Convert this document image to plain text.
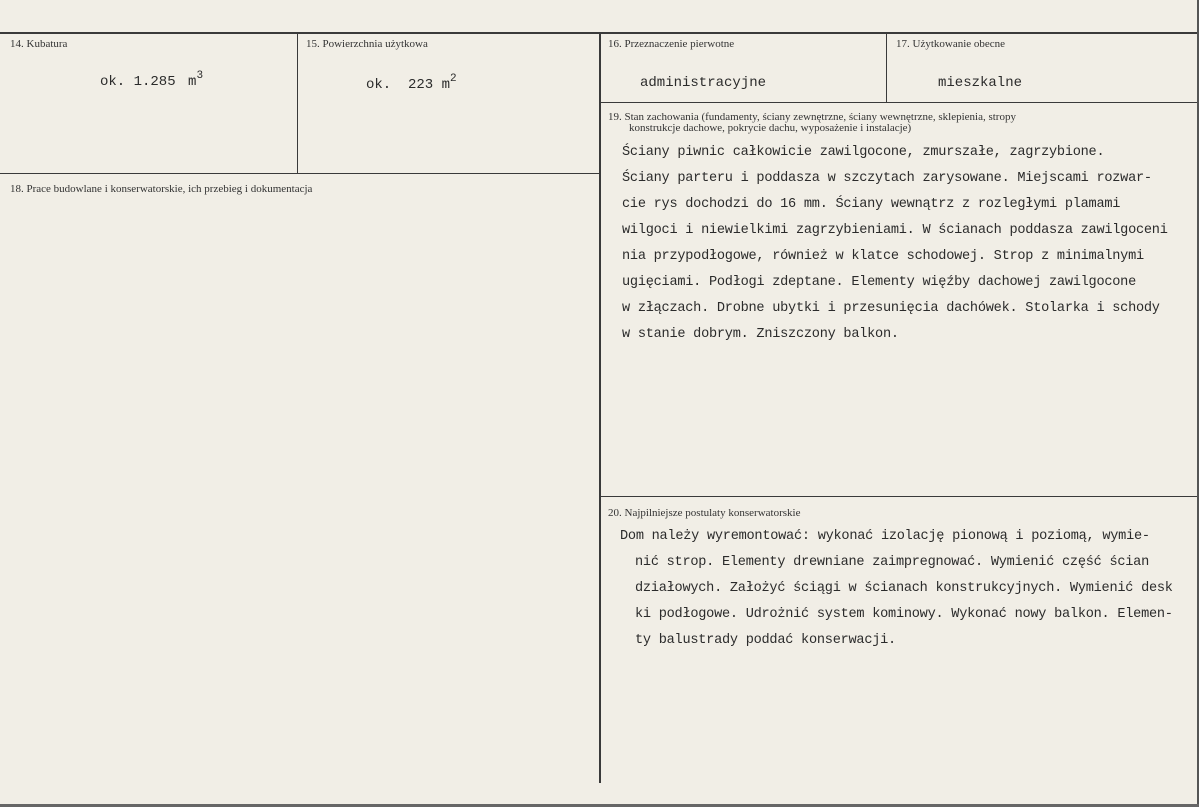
14. Kubatura
ok. 1.285 $m^3$
15. Powierzchnia użytkowa
ok.  223 $m^2$
16. Przeznaczenie pierwotne
administracyjne
17. Użytkowanie obecne
mieszkalne
18. Prace budowlane i konserwatorskie, ich przebieg i dokumentacja
19. Stan zachowania (fundamenty, ściany zewnętrzne, ściany wewnętrzne, sklepienia, stropy
konstrukcje dachowe, pokrycie dachu, wyposażenie i instalacje)
Ściany piwnic całkowicie zawilgocone, zmurszałe, zagrzybione.
Ściany parteru i poddasza w szczytach zarysowane. Miejscami rozwar-
cie rys dochodzi do 16 mm. Ściany wewnątrz z rozległymi plamami
wilgoci i niewielkimi zagrzybieniami. W ścianach poddasza zawilgoceni
nia przypodłogowe, również w klatce schodowej. Strop z minimalnymi
ugięciami. Podłogi zdeptane. Elementy więźby dachowej zawilgocone
w złączach. Drobne ubytki i przesunięcia dachówek. Stolarka i schody
w stanie dobrym. Zniszczony balkon.
20. Najpilniejsze postulaty konserwatorskie
Dom należy wyremontować: wykonać izolację pionową i poziomą, wymie-
nić strop. Elementy drewniane zaimpregnować. Wymienić część ścian
działowych. Założyć ściągi w ścianach konstrukcyjnych. Wymienić desk
ki podłogowe. Udrożnić system kominowy. Wykonać nowy balkon. Elemen-
ty balustrady poddać konserwacji.
